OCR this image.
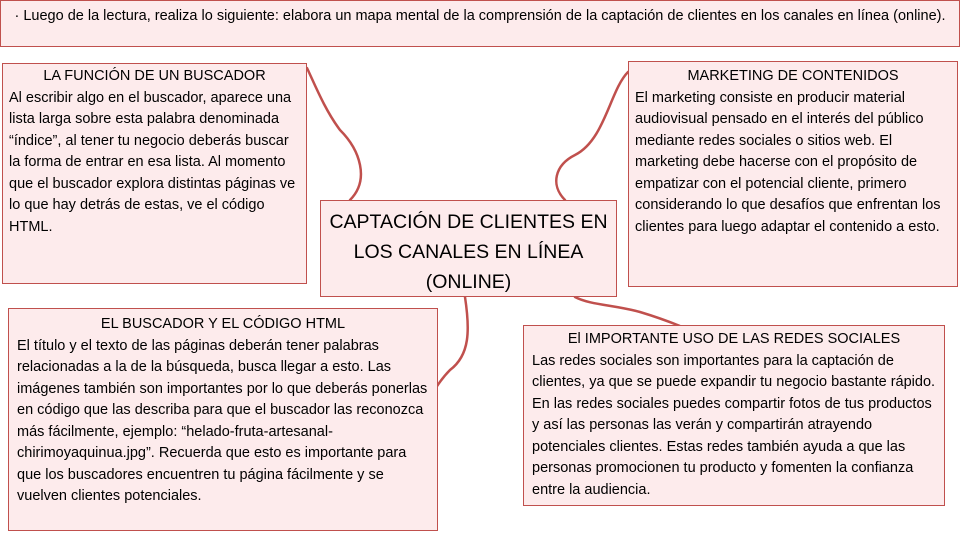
· Luego de la lectura, realiza lo siguiente: elabora un mapa mental de la comprensión de la captación de clientes en los canales en línea (online).
LA FUNCIÓN DE UN BUSCADOR
Al escribir algo en el buscador, aparece una lista larga sobre esta palabra denominada “índice”, al tener tu negocio deberás buscar la forma de entrar en esa lista. Al momento que el buscador explora distintas páginas ve lo que hay detrás de estas, ve el código HTML.	CAPTACIÓN DE CLIENTES EN LOS CANALES EN LÍNEA (ONLINE)
MARKETING DE CONTENIDOS
El marketing consiste en producir material audiovisual pensado en el interés del público mediante redes sociales o sitios web. El marketing debe hacerse con el propósito de empatizar con el potencial cliente, primero considerando lo que desafíos que enfrentan los clientes para luego adaptar el contenido a esto.
EL BUSCADOR Y EL CÓDIGO HTML
El título y el texto de las páginas deberán tener palabras relacionadas a la de la búsqueda, busca llegar a esto. Las imágenes también son importantes por lo que deberás ponerlas en código que las describa para que el buscador las reconozca más fácilmente, ejemplo: “helado-fruta-artesanal-chirimoyaquinua.jpg”. Recuerda que esto es importante para que los buscadores encuentren tu página fácilmente y se vuelven clientes potenciales.
El IMPORTANTE USO DE LAS REDES SOCIALES
Las redes sociales son importantes para la captación de clientes, ya que se puede expandir tu negocio bastante rápido. En las redes sociales puedes compartir fotos de tus productos y así las personas las verán y compartirán atrayendo potenciales clientes. Estas redes también ayuda a que las personas promocionen tu producto y fomenten la confianza entre la audiencia.
